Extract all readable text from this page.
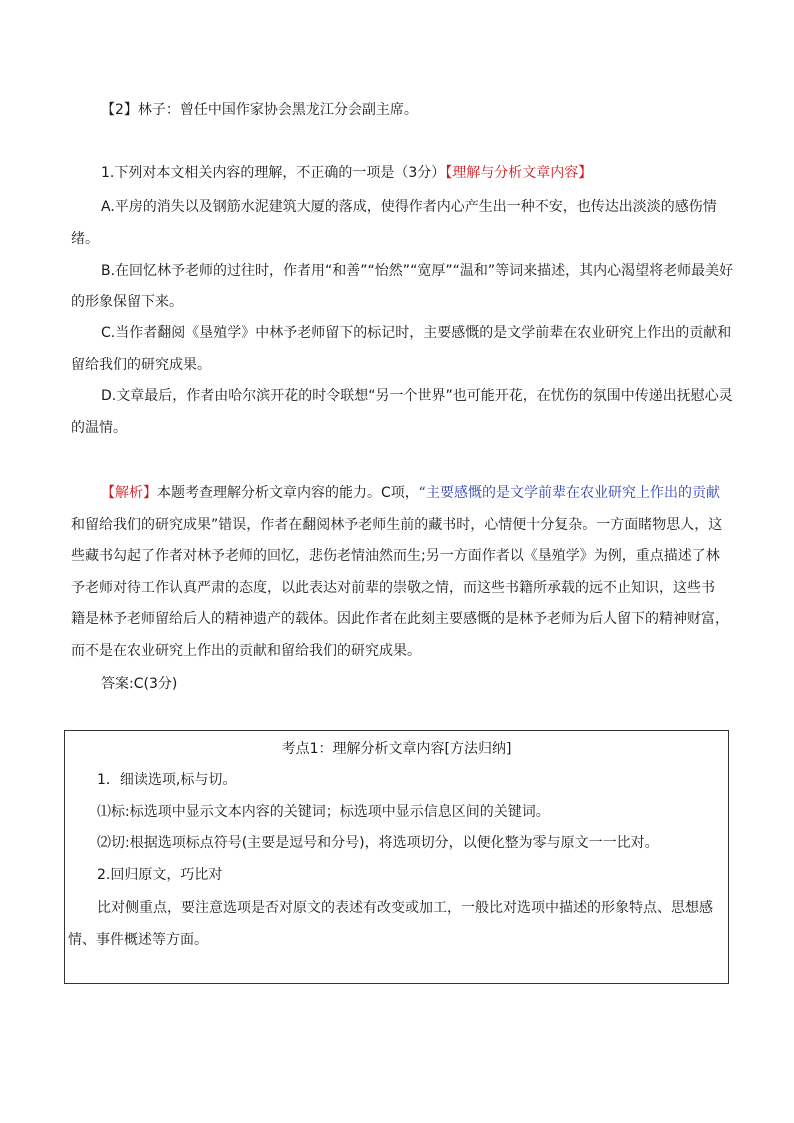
【2】林子：曾任中国作家协会黑龙江分会副主席。
1.下列对本文相关内容的理解，不正确的一项是（3分）【理解与分析文章内容】
A.平房的消失以及钢筋水泥建筑大厦的落成，使得作者内心产生出一种不安，也传达出淡淡的感伤情
绪。
B.在回忆林予老师的过往时，作者用“和善”“怡然”“宽厚”“温和”等词来描述，其内心渴望将老师最美好
的形象保留下来。
C.当作者翻阅《垦殖学》中林予老师留下的标记时，主要感慨的是文学前辈在农业研究上作出的贡献和
留给我们的研究成果。
D.文章最后，作者由哈尔滨开花的时令联想“另一个世界”也可能开花，在忧伤的氛围中传递出抚慰心灵
的温情。
【解析】本题考查理解分析文章内容的能力。C项，“主要感慨的是文学前辈在农业研究上作出的贡献
和留给我们的研究成果”错误，作者在翻阅林予老师生前的藏书时，心情便十分复杂。一方面睹物思人，这
些藏书勾起了作者对林予老师的回忆，悲伤老情油然而生;另一方面作者以《垦殖学》为例，重点描述了林
予老师对待工作认真严肃的态度，以此表达对前辈的崇敬之情，而这些书籍所承载的远不止知识，这些书
籍是林予老师留给后人的精神遗产的载体。因此作者在此刻主要感慨的是林予老师为后人留下的精神财富，
而不是在农业研究上作出的贡献和留给我们的研究成果。
答案:C(3分)
考点1：理解分析文章内容[方法归纳]
1．细读选项,标与切。
⑴标:标选项中显示文本内容的关键词；标选项中显示信息区间的关键词。
⑵切:根据选项标点符号(主要是逗号和分号)，将选项切分，以便化整为零与原文一一比对。
2.回归原文，巧比对
比对侧重点，要注意选项是否对原文的表述有改变或加工，一般比对选项中描述的形象特点、思想感
情、事件概述等方面。
